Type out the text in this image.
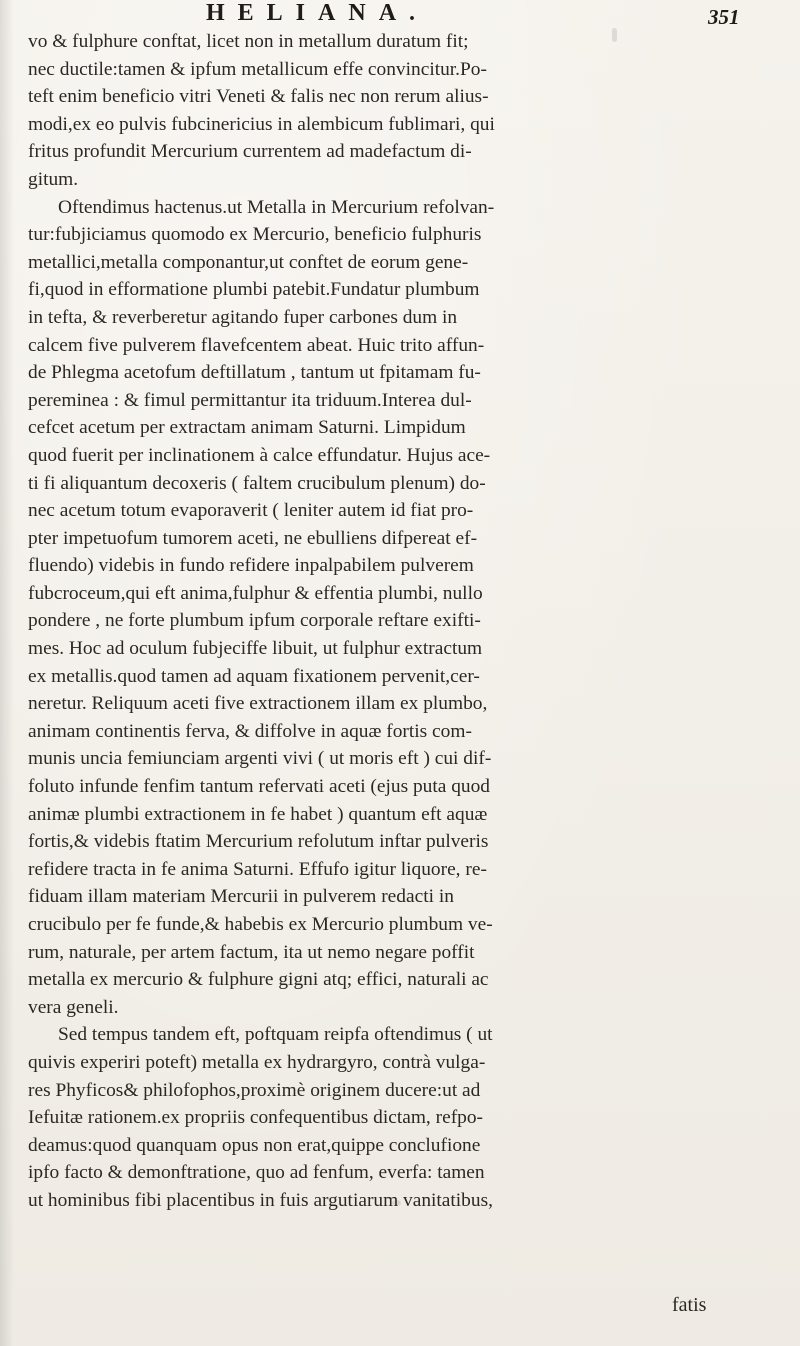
HELIANA.	351
vo & fulphure conftat, licet non in metallum duratum fit;
nec ductile:tamen & ipfum metallicum effe convincitur.Po-
teft enim beneficio vitri Veneti & falis nec non rerum alius-
modi,ex eo pulvis fubcinericius in alembicum fublimari, qui
fritus profundit Mercurium currentem ad madefactum di-
gitum.
Oftendimus hactenus.ut Metalla in Mercurium refolvan-
tur:fubjiciamus quomodo ex Mercurio, beneficio fulphuris
metallici,metalla componantur,ut conftet de eorum gene-
fi,quod in efformatione plumbi patebit.Fundatur plumbum
in tefta, & reverberetur agitando fuper carbones dum in
calcem five pulverem flavefcentem abeat. Huic trito affun-
de Phlegma acetofum deftillatum , tantum ut fpitamam fu-
pereminea : & fimul permittantur ita triduum.Interea dul-
cefcet acetum per extractam animam Saturni. Limpidum
quod fuerit per inclinationem à calce effundatur. Hujus ace-
ti fi aliquantum decoxeris ( faltem crucibulum plenum) do-
nec acetum totum evaporaverit ( leniter autem id fiat pro-
pter impetuofum tumorem aceti, ne ebulliens difpereat ef-
fluendo) videbis in fundo refidere inpalpabilem pulverem
fubcroceum,qui eft anima,fulphur & effentia plumbi, nullo
pondere , ne forte plumbum ipfum corporale reftare exifti-
mes. Hoc ad oculum fubjeciffe libuit, ut fulphur extractum
ex metallis.quod tamen ad aquam fixationem pervenit,cer-
neretur. Reliquum aceti five extractionem illam ex plumbo,
animam continentis ferva, & diffolve in aquæ fortis com-
munis uncia femiunciam argenti vivi ( ut moris eft ) cui dif-
foluto infunde fenfim tantum refervati aceti (ejus puta quod
animæ plumbi extractionem in fe habet ) quantum eft aquæ
fortis,& videbis ftatim Mercurium refolutum inftar pulveris
refidere tracta in fe anima Saturni. Effufo igitur liquore, re-
fiduam illam materiam Mercurii in pulverem redacti in
crucibulo per fe funde,& habebis ex Mercurio plumbum ve-
rum, naturale, per artem factum, ita ut nemo negare poffit
metalla ex mercurio & fulphure gigni atq; effici, naturali ac
vera geneli.
Sed tempus tandem eft, poftquam reipfa oftendimus ( ut
quivis experiri poteft) metalla ex hydrargyro, contrà vulga-
res Phyficos& philofophos,proximè originem ducere:ut ad
Iefuitæ rationem.ex propriis confequentibus dictam, refpo-
deamus:quod quanquam opus non erat,quippe conclufione
ipfo facto & demonftratione, quo ad fenfum, everfa: tamen
ut hominibus fibi placentibus in fuis argutiarum vanitatibus,
fatis
